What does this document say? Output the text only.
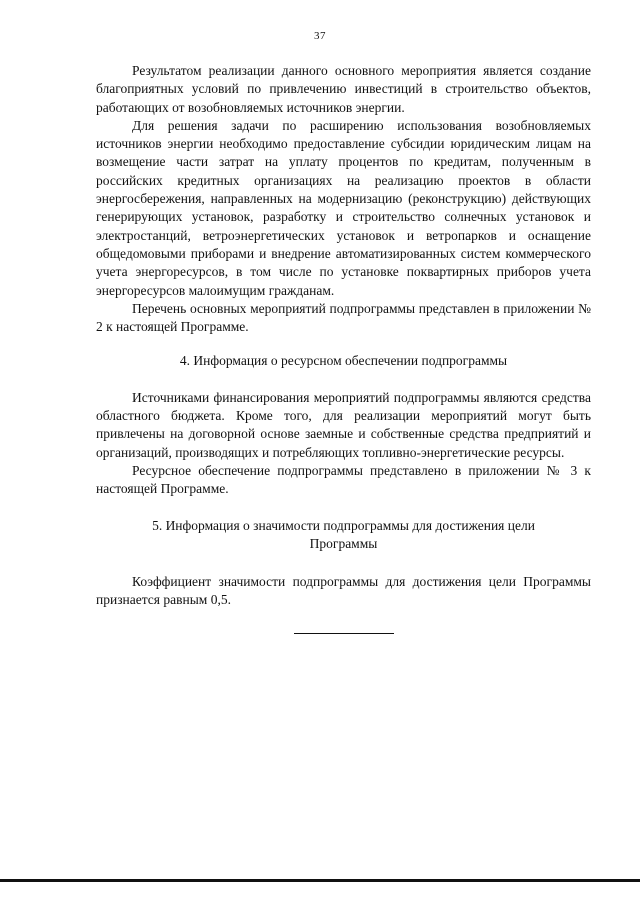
37

Результатом реализации данного основного мероприятия является создание благоприятных условий по привлечению инвестиций в строительство объектов, работающих от возобновляемых источников энергии.

Для решения задачи по расширению использования возобновляемых источников энергии необходимо предоставление субсидии юридическим лицам на возмещение части затрат на уплату процентов по кредитам, полученным в российских кредитных организациях на реализацию проектов в области энергосбережения, направленных на модернизацию (реконструкцию) действующих генерирующих установок, разработку и строительство солнечных установок и электростанций, ветроэнергетических установок и ветропарков и оснащение общедомовыми приборами и внедрение автоматизированных систем коммерческого учета энергоресурсов, в том числе по установке поквартирных приборов учета энергоресурсов малоимущим гражданам.

Перечень основных мероприятий подпрограммы представлен в приложении № 2 к настоящей Программе.

4. Информация о ресурсном обеспечении подпрограммы

Источниками финансирования мероприятий подпрограммы являются средства областного бюджета. Кроме того, для реализации мероприятий могут быть привлечены на договорной основе заемные и собственные средства предприятий и организаций, производящих и потребляющих топливно-энергетические ресурсы.

Ресурсное обеспечение подпрограммы представлено в приложении № 3 к настоящей Программе.

5. Информация о значимости подпрограммы для достижения цели
Программы

Коэффициент значимости подпрограммы для достижения цели Программы признается равным 0,5.
